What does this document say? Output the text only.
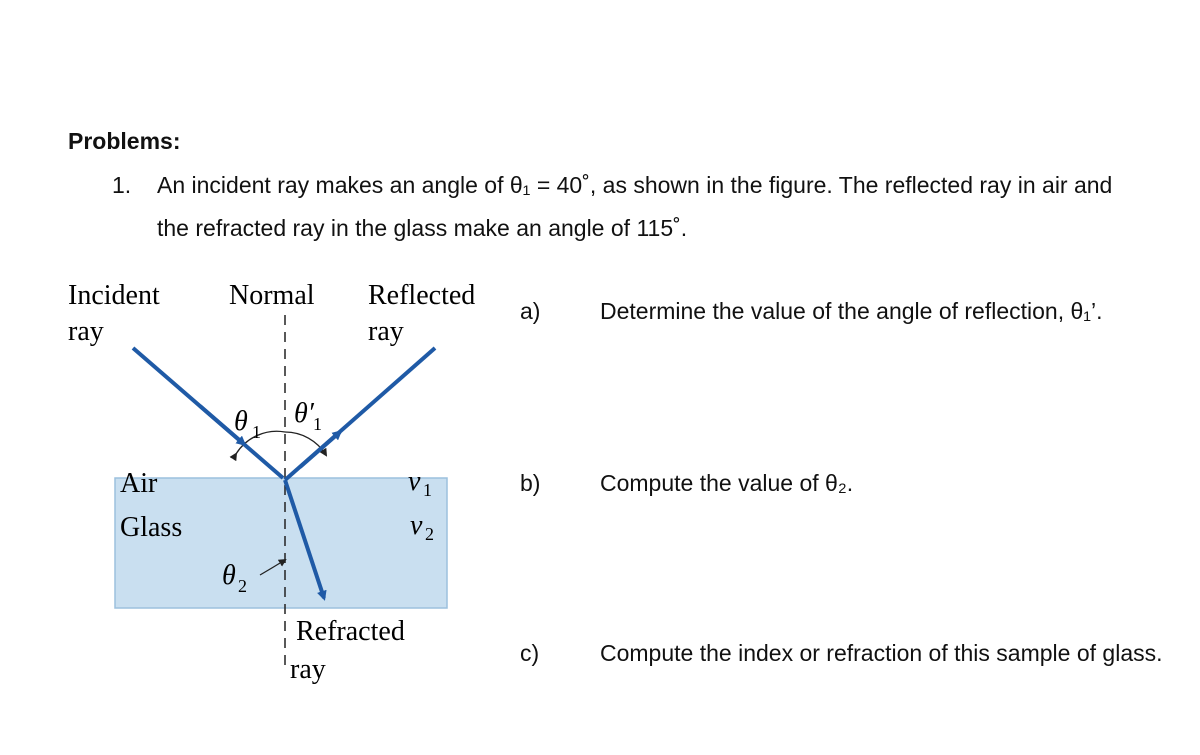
Problems:
1. An incident ray makes an angle of θ₁ = 40˚, as shown in the figure. The reflected ray in air and
the refracted ray in the glass make an angle of 115˚.
Incident
ray
Normal Reflected
ray
Air
Glass
Refracted
ray
θ 1
θ′ 1
θ 2
v 1
v 2
a)	Determine the value of the angle of reflection, θ₁’.
b)	Compute the value of θ₂.
c)	Compute the index or refraction of this sample of glass.
